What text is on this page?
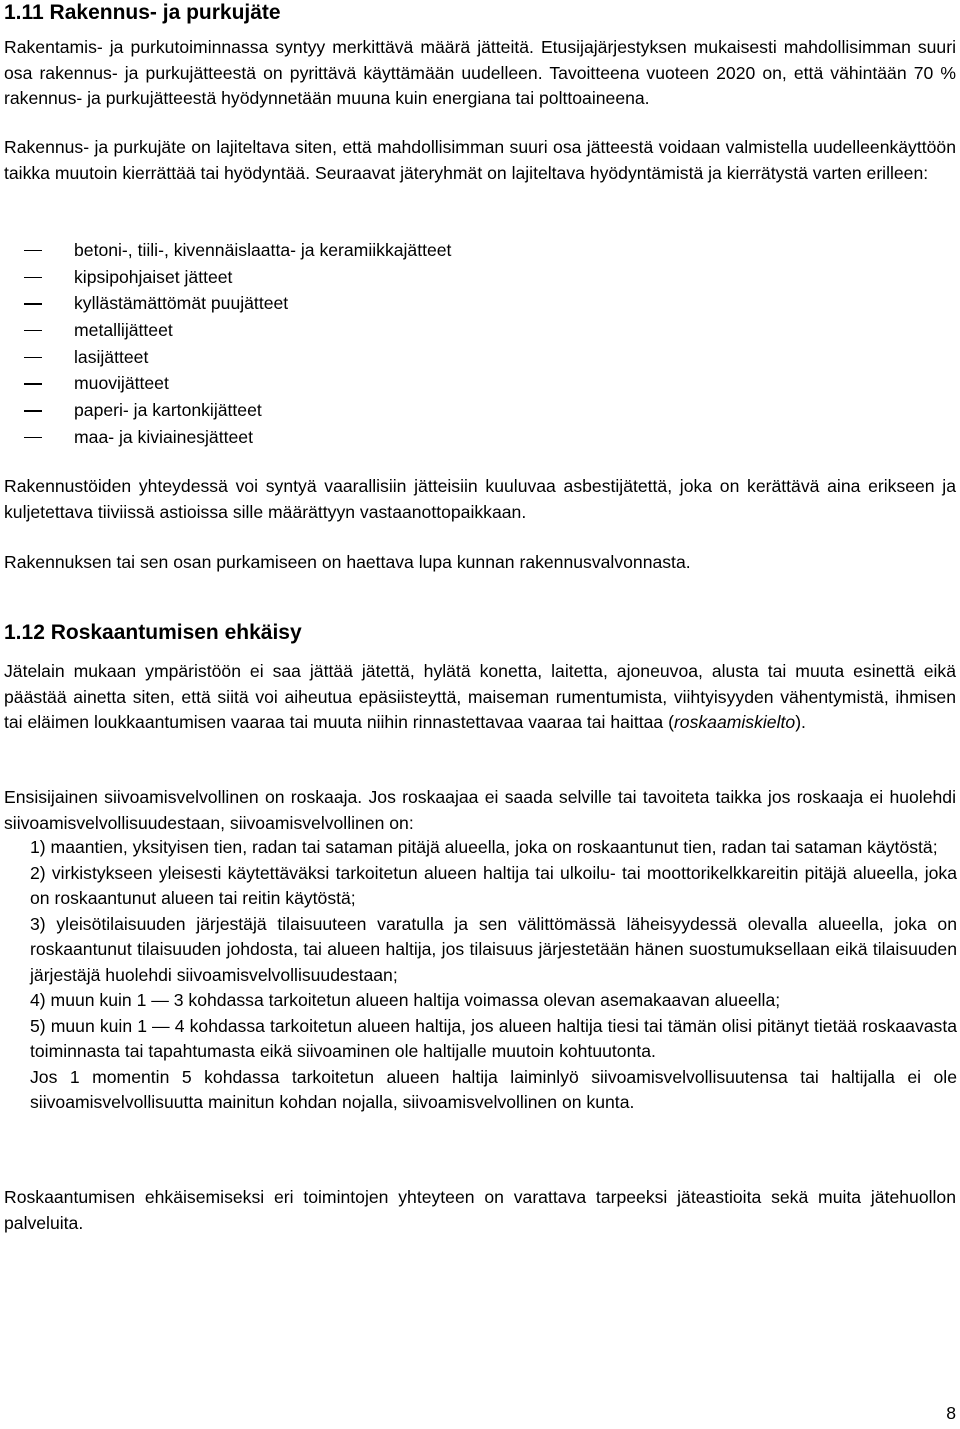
1.11 Rakennus- ja purkujäte

Rakentamis- ja purkutoiminnassa syntyy merkittävä määrä jätteitä. Etusijajärjestyksen mukaisesti mahdollisimman suuri osa rakennus- ja purkujätteestä on pyrittävä käyttämään uudelleen. Tavoitteena vuoteen 2020 on, että vähintään 70 % rakennus- ja purkujätteestä hyödynnetään muuna kuin energiana tai polttoaineena.

Rakennus- ja purkujäte on lajiteltava siten, että mahdollisimman suuri osa jätteestä voidaan valmistella uudelleenkäyttöön taikka muutoin kierrättää tai hyödyntää. Seuraavat jäteryhmät on lajiteltava hyödyntämistä ja kierrätystä varten erilleen:

betoni-, tiili-, kivennäislaatta- ja keramiikkajätteet
kipsipohjaiset jätteet
kyllästämättömät puujätteet
metallijätteet
lasijätteet
muovijätteet
paperi- ja kartonkijätteet
maa- ja kiviainesjätteet

Rakennustöiden yhteydessä voi syntyä vaarallisiin jätteisiin kuuluvaa asbestijätettä, joka on kerättävä aina erikseen ja kuljetettava tiiviissä astioissa sille määrättyyn vastaanottopaikkaan.

Rakennuksen tai sen osan purkamiseen on haettava lupa kunnan rakennusvalvonnasta.

1.12 Roskaantumisen ehkäisy

Jätelain mukaan ympäristöön ei saa jättää jätettä, hylätä konetta, laitetta, ajoneuvoa, alusta tai muuta esinettä eikä päästää ainetta siten, että siitä voi aiheutua epäsiisteyttä, maiseman rumentumista, viihtyisyyden vähentymistä, ihmisen tai eläimen loukkaantumisen vaaraa tai muuta niihin rinnastettavaa vaaraa tai haittaa (roskaamiskielto).

Ensisijainen siivoamisvelvollinen on roskaaja. Jos roskaajaa ei saada selville tai tavoiteta taikka jos roskaaja ei huolehdi siivoamisvelvollisuudestaan, siivoamisvelvollinen on:

1) maantien, yksityisen tien, radan tai sataman pitäjä alueella, joka on roskaantunut tien, radan tai sataman käytöstä;

2) virkistykseen yleisesti käytettäväksi tarkoitetun alueen haltija tai ulkoilu- tai moottorikelkkareitin pitäjä alueella, joka on roskaantunut alueen tai reitin käytöstä;

3) yleisötilaisuuden järjestäjä tilaisuuteen varatulla ja sen välittömässä läheisyydessä olevalla alueella, joka on roskaantunut tilaisuuden johdosta, tai alueen haltija, jos tilaisuus järjestetään hänen suostumuksellaan eikä tilaisuuden järjestäjä huolehdi siivoamisvelvollisuudestaan;

4) muun kuin 1 — 3 kohdassa tarkoitetun alueen haltija voimassa olevan asemakaavan alueella;

5) muun kuin 1 — 4 kohdassa tarkoitetun alueen haltija, jos alueen haltija tiesi tai tämän olisi pitänyt tietää roskaavasta toiminnasta tai tapahtumasta eikä siivoaminen ole haltijalle muutoin kohtuutonta.

Jos 1 momentin 5 kohdassa tarkoitetun alueen haltija laiminlyö siivoamisvelvollisuutensa tai haltijalla ei ole siivoamisvelvollisuutta mainitun kohdan nojalla, siivoamisvelvollinen on kunta.

Roskaantumisen ehkäisemiseksi eri toimintojen yhteyteen on varattava tarpeeksi jäteastioita sekä muita jätehuollon palveluita.

8
